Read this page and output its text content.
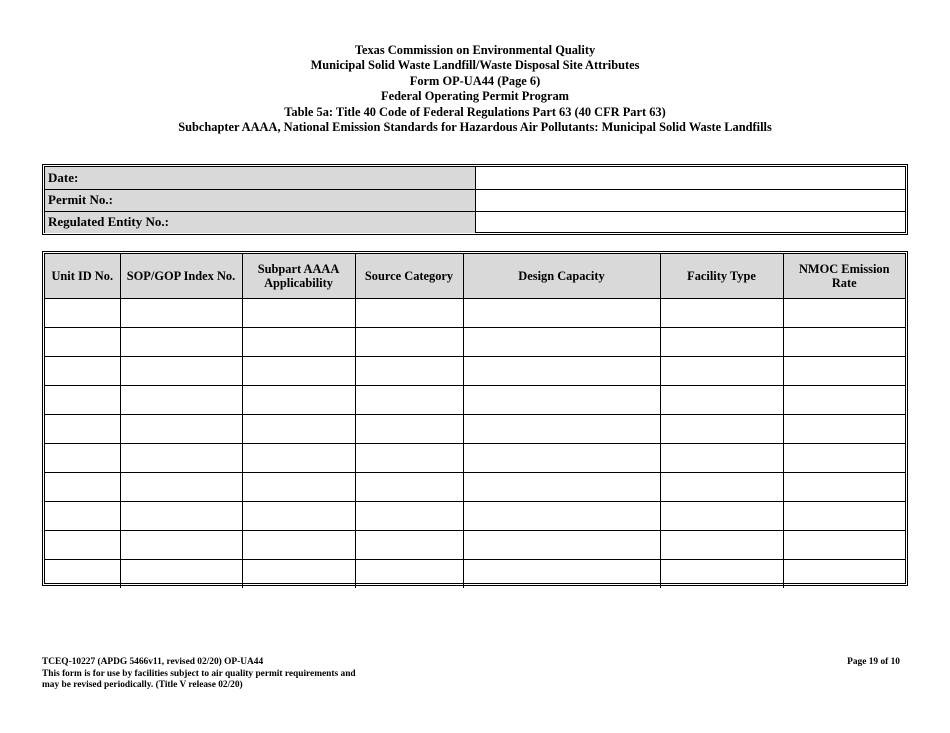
Texas Commission on Environmental Quality
Municipal Solid Waste Landfill/Waste Disposal Site Attributes
Form OP-UA44 (Page 6)
Federal Operating Permit Program
Table 5a: Title 40 Code of Federal Regulations Part 63 (40 CFR Part 63)
Subchapter AAAA, National Emission Standards for Hazardous Air Pollutants: Municipal Solid Waste Landfills
Date:	
Permit No.:	
Regulated Entity No.:	
Unit ID No.	SOP/GOP Index No.	Subpart AAAA Applicability	Source Category	Design Capacity	Facility Type	NMOC Emission Rate

TCEQ-10227 (APDG 5466v11, revised 02/20) OP-UA44
This form is for use by facilities subject to air quality permit requirements and
may be revised periodically. (Title V release 02/20)
Page 19 of 10
